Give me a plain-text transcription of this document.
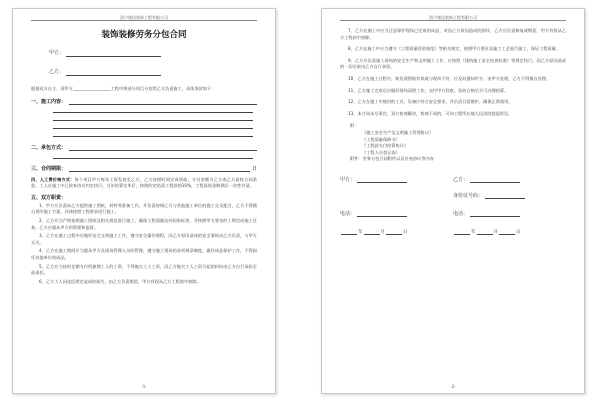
西宁康达装饰工程有限公司
装饰装修劳务分包合同
甲方：
乙方：
根据双方自主、现甲方__________________工程中将部分项目分包给乙方负责施工，具体条款如下：
一、施工内容：
二、承包方式：
三、合同期限：	日
四、人工费价格方式：每个项目甲方每年工资发放至乙方，乙方按照时间完成领取，支付金额为乙方或乙方最终合同条款，工人在施工中已按本协议约定执行。当年结算完毕后，按照约定结清工程款的10%，工程质保金期满后一次性付清。
五、双方职责：
1、甲方应负责向乙方提供施工图纸、材料等准备工作，并负责协调乙方与其他施工单位的施工交叉配合，乙方不得擅自更改施工方案，具体按照工程要求进行施工。
2、乙方应当严格按照施工图纸及相关规范进行施工，确保工程质量达到国家标准，并按照甲方要求的工期完成施工任务，乙方应服从甲方的管理和监督。
3、乙方在施工过程中应做好安全文明施工工作，遵守安全操作规程，因乙方原因造成的安全事故由乙方负责，与甲方无关。
4、乙方在施工期间应当服从甲方及现场管理人员的管理，遵守施工现场的各项规章制度，做好成品保护工作，不得损坏其他单位的成品。
5、乙方应当按时足额支付所雇佣工人的工资，不得拖欠工人工资，因乙方拖欠工人工资引起的纠纷由乙方自行承担全部责任。
6、乙方工人因违反规定造成的损失，由乙方负责赔偿，甲方有权从乙方工程款中扣除。
-1-
西宁康达装饰工程有限公司
7、乙方在施工中应当注意保护现场已完成的成品，对因乙方原因造成的损坏，乙方应负责修复或赔偿，甲方有权从乙方工程款中扣除。
8、乙方在施工中应当遵守《工程质量验收规范》等相关规定，按照甲方要求及施工工艺进行施工，保证工程质量。
9、乙方应负责施工现场的安全生产和文明施工工作，应按照《建筑施工安全检查标准》等规定执行，因乙方原因造成的一切后果由乙方自行承担。
10、乙方在施工过程中，如发现图纸有误或与现场不符，应及时通知甲方，由甲方处理，乙方不得擅自处理。
11、乙方施工完成后应做好现场清理工作，交付甲方验收，验收合格后方可办理结算。
12、乙方在施工中使用的工具、设备应符合安全要求，并负责日常维护，确保正常使用。
13、本合同未尽事宜，双方协商解决，协商不成的，可向工程所在地人民法院提起诉讼。
附：
《施工安全生产及文明施工管理协议》
《工程质量保修书》
《工程款支付结算协议》
《工程人员登记表》
附件：劳务分包合同附件以及补充协议等内容
甲方：	乙方：
身份证号码：
电话：	电话：
年	月	日	年	月	日
-2-
